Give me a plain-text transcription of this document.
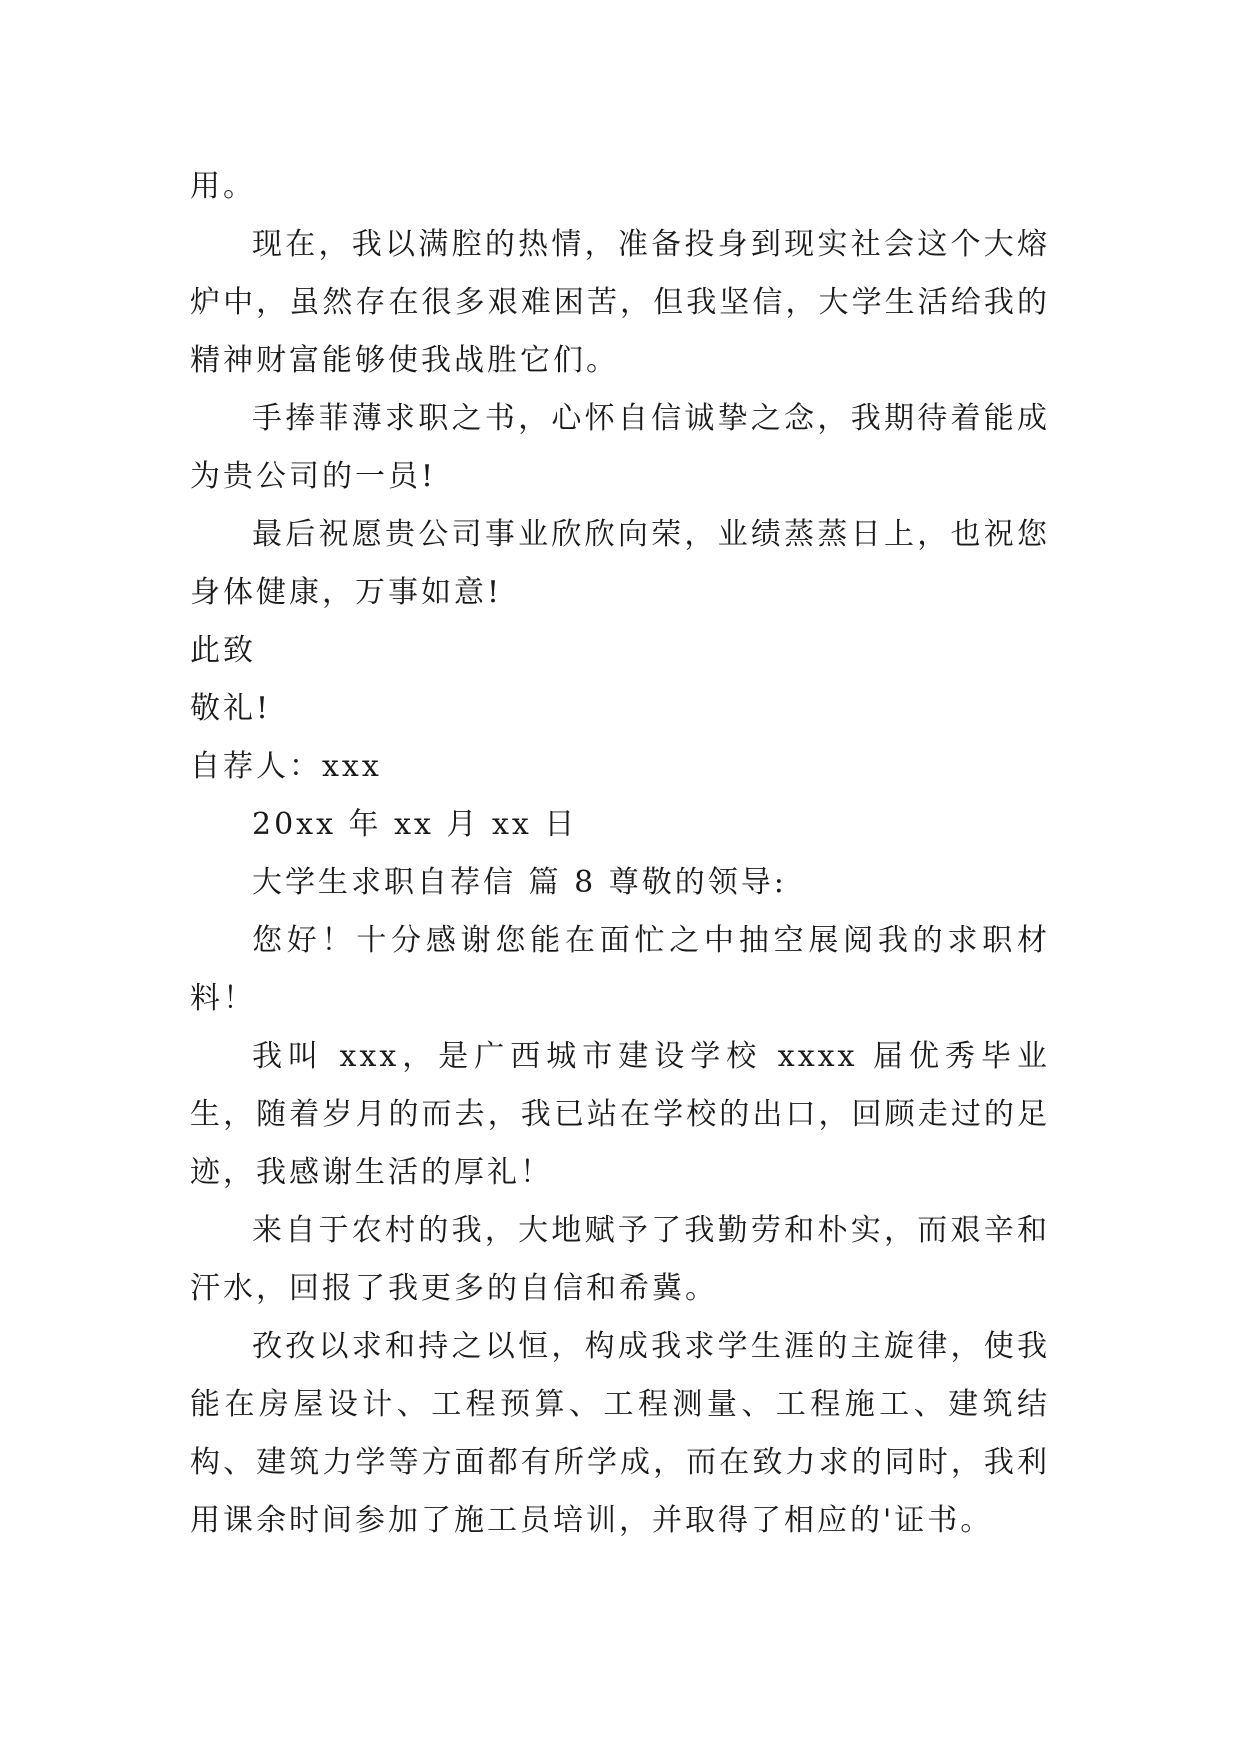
用。

现在，我以满腔的热情，准备投身到现实社会这个大熔炉中，虽然存在很多艰难困苦，但我坚信，大学生活给我的精神财富能够使我战胜它们。

手捧菲薄求职之书，心怀自信诚挚之念，我期待着能成为贵公司的一员!

最后祝愿贵公司事业欣欣向荣，业绩蒸蒸日上，也祝您身体健康，万事如意!

此致

敬礼!

自荐人：xxx

20xx 年 xx 月 xx 日

大学生求职自荐信 篇 8 尊敬的领导:

您好！十分感谢您能在面忙之中抽空展阅我的求职材料！

我叫 xxx，是广西城市建设学校 xxxx 届优秀毕业生，随着岁月的而去，我已站在学校的出口，回顾走过的足迹，我感谢生活的厚礼！

来自于农村的我，大地赋予了我勤劳和朴实，而艰辛和汗水，回报了我更多的自信和希冀。

孜孜以求和持之以恒，构成我求学生涯的主旋律，使我能在房屋设计、工程预算、工程测量、工程施工、建筑结构、建筑力学等方面都有所学成，而在致力求的同时，我利用课余时间参加了施工员培训，并取得了相应的'证书。
